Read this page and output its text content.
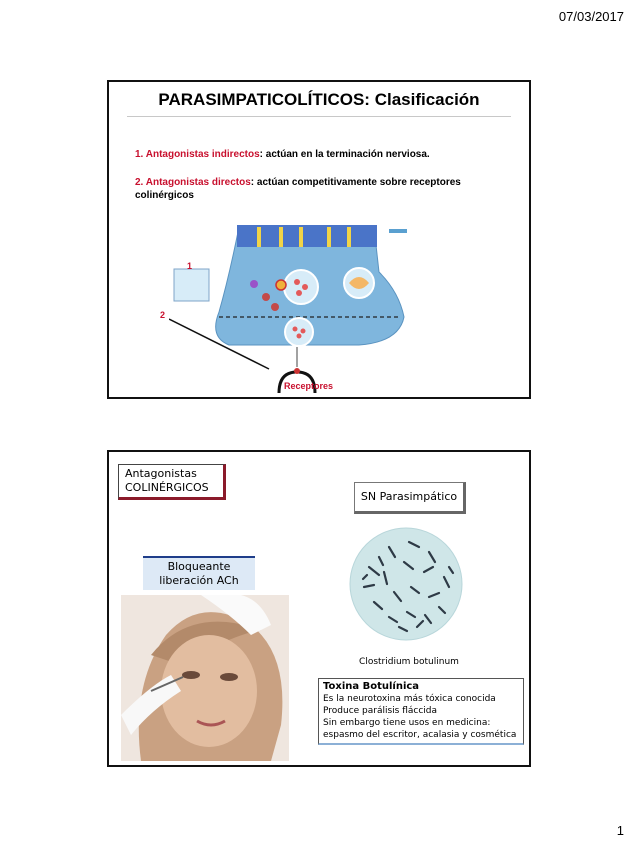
07/03/2017
PARASIMPATICOLÍTICOS: Clasificación
1. Antagonistas indirectos: actúan en la terminación nerviosa.
2. Antagonistas directos: actúan competitivamente sobre receptores colinérgicos
1
2
Receptores
Antagonistas COLINÉRGICOS
SN Parasimpático
Bloqueante liberación ACh
Clostridium botulinum
Toxina Botulínica
Es la neurotoxina más tóxica conocida
Produce parálisis fláccida
Sin embargo tiene usos en medicina:
espasmo del escritor, acalasia y cosmética
1
